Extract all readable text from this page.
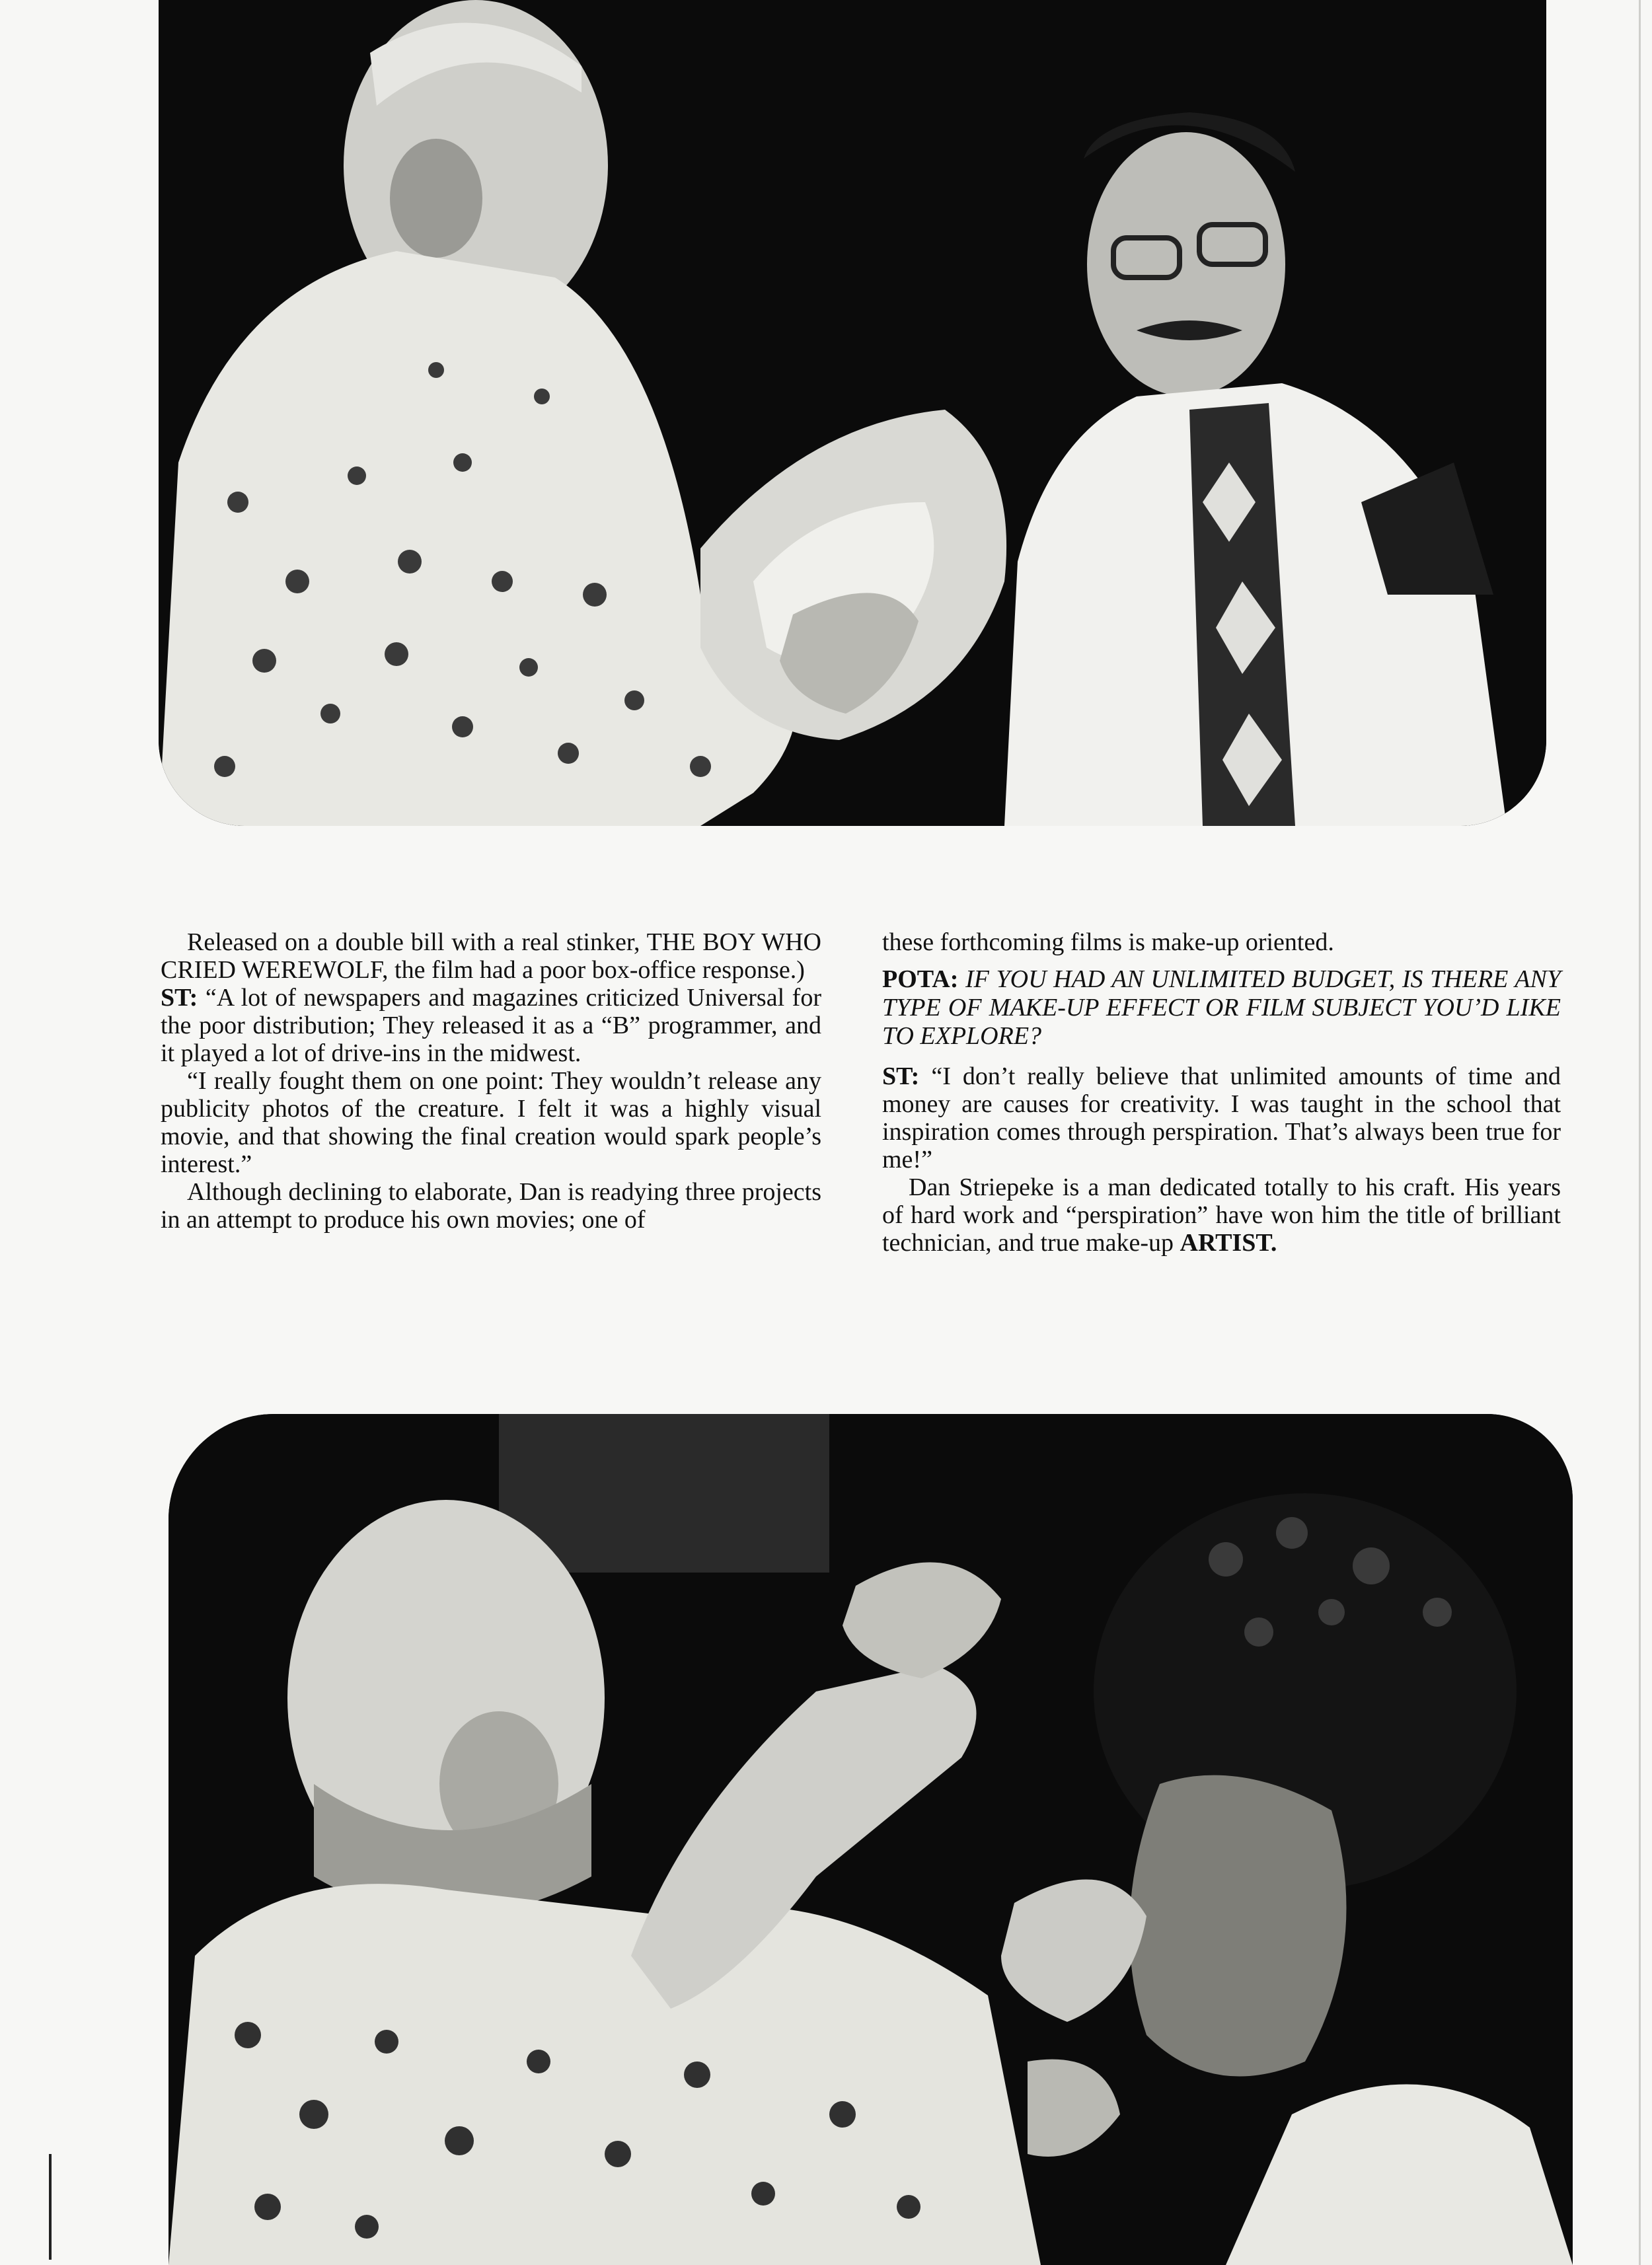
Released on a double bill with a real stinker, THE BOY WHO CRIED WEREWOLF, the film had a poor box-office response.)

ST: “A lot of newspapers and magazines criticized Universal for the poor distribution; They released it as a “B” programmer, and it played a lot of drive-ins in the midwest.

“I really fought them on one point: They wouldn’t release any publicity photos of the creature. I felt it was a highly visual movie, and that showing the final creation would spark people’s interest.”

Although declining to elaborate, Dan is readying three projects in an attempt to produce his own movies; one of

these forthcoming films is make-up oriented.

POTA: IF YOU HAD AN UNLIMITED BUDGET, IS THERE ANY TYPE OF MAKE-UP EFFECT OR FILM SUBJECT YOU’D LIKE TO EXPLORE?

ST: “I don’t really believe that unlimited amounts of time and money are causes for creativity. I was taught in the school that inspiration comes through perspiration. That’s always been true for me!”

Dan Striepeke is a man dedicated totally to his craft. His years of hard work and “perspiration” have won him the title of brilliant technician, and true make-up ARTIST.
